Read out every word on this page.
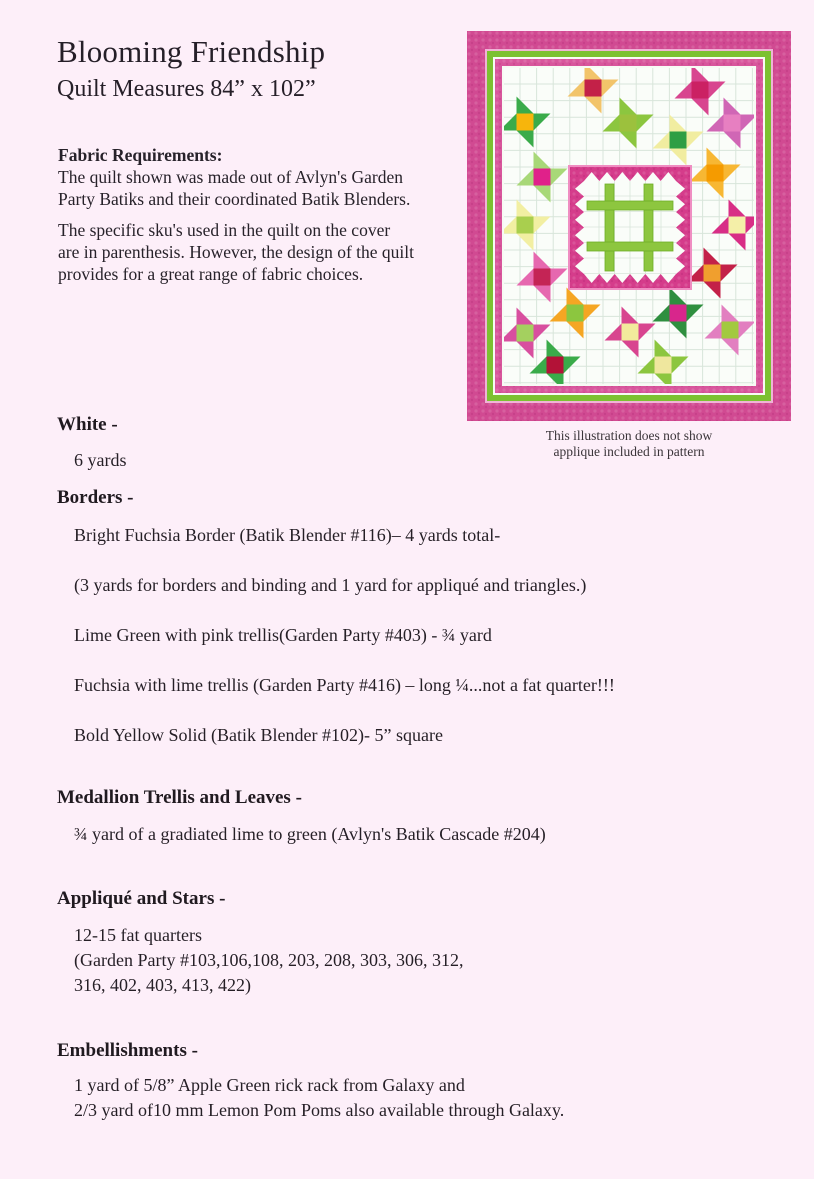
Blooming Friendship
Quilt Measures 84” x 102”
Fabric Requirements:

The quilt shown was made out of Avlyn's Garden Party Batiks and their coordinated Batik Blenders.

The specific sku's used in the quilt on the cover are in parenthesis. However, the design of the quilt provides for a great range of fabric choices.

This illustration does not show
applique included in pattern
White -
6 yards
Borders -
Bright Fuchsia Border (Batik Blender #116)– 4 yards total-
(3 yards for borders and binding and 1 yard for appliqué and triangles.)
Lime Green with pink trellis(Garden Party #403) - ¾ yard
Fuchsia with lime trellis (Garden Party #416) – long ¼...not a fat quarter!!!
Bold Yellow Solid (Batik Blender #102)- 5” square
Medallion Trellis and Leaves -
¾ yard of a gradiated lime to green (Avlyn's Batik Cascade #204)
Appliqué and Stars -
12-15 fat quarters
(Garden Party #103,106,108, 203, 208, 303, 306, 312,
316, 402, 403, 413, 422)
Embellishments -
1 yard of 5/8” Apple Green rick rack from Galaxy and
2/3 yard of10 mm Lemon Pom Poms also available through Galaxy.
